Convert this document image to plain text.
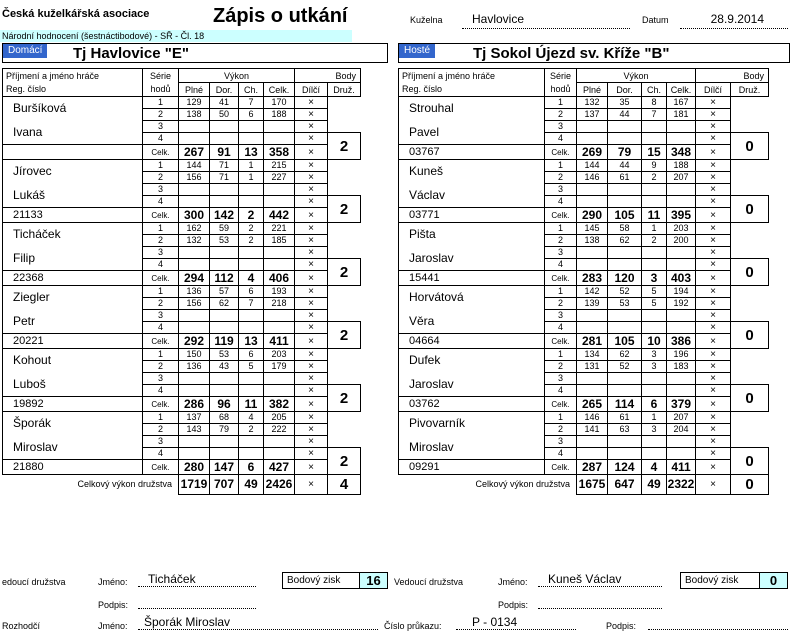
Česká kuželkářská asociace
Národní hodnocení (šestnáctibodové) - SŘ - Čl. 18
Zápis o utkání	Kuželna	Havlovice	Datum	28.9.2014
Domácí	Tj Havlovice "E"	Hosté	Tj Sokol Újezd sv. Kříže "B"
Příjmení a jméno hráče	Série	Výkon				Body	
Reg. číslo	hodů	Plné	Dor.	Ch.	Celk.	Dílčí	Druž.
Buršíková	1	129	41	7	170	×	
	2	138	50	6	188	×	
Ivana	3					×	
	4					×	2
	Celk.	267	91	13	358	×	
Jírovec	1	144	71	1	215	×	
	2	156	71	1	227	×	
Lukáš	3					×	
	4					×	2
21133	Celk.	300	142	2	442	×	
Ticháček	1	162	59	2	221	×	
	2	132	53	2	185	×	
Filip	3					×	
	4					×	2
22368	Celk.	294	112	4	406	×	
Ziegler	1	136	57	6	193	×	
	2	156	62	7	218	×	
Petr	3					×	
	4					×	2
20221	Celk.	292	119	13	411	×	
Kohout	1	150	53	6	203	×	
	2	136	43	5	179	×	
Luboš	3					×	
	4					×	2
19892	Celk.	286	96	11	382	×	
Šporák	1	137	68	4	205	×	
	2	143	79	2	222	×	
Miroslav	3					×	
	4					×	2
21880	Celk.	280	147	6	427	×	
Celkový výkon družstva		1719	707	49	2426	×	4
Příjmení a jméno hráče	Série	Výkon				Body	
Reg. číslo	hodů	Plné	Dor.	Ch.	Celk.	Dílčí	Druž.
Strouhal	1	132	35	8	167	×	
	2	137	44	7	181	×	
Pavel	3					×	
	4					×	0
03767	Celk.	269	79	15	348	×	
Kuneš	1	144	44	9	188	×	
	2	146	61	2	207	×	
Václav	3					×	
	4					×	0
03771	Celk.	290	105	11	395	×	
Pišta	1	145	58	1	203	×	
	2	138	62	2	200	×	
Jaroslav	3					×	
	4					×	0
15441	Celk.	283	120	3	403	×	
Horvátová	1	142	52	5	194	×	
	2	139	53	5	192	×	
Věra	3					×	
	4					×	0
04664	Celk.	281	105	10	386	×	
Dufek	1	134	62	3	196	×	
	2	131	52	3	183	×	
Jaroslav	3					×	
	4					×	0
03762	Celk.	265	114	6	379	×	
Pivovarník	1	146	61	1	207	×	
	2	141	63	3	204	×	
Miroslav	3					×	
	4					×	0
09291	Celk.	287	124	4	411	×	
Celkový výkon družstva		1675	647	49	2322	×	0
edoucí družstva	Jméno:	Ticháček
Podpis:
Bodový zisk	16	Vedoucí družstva	Jméno:	Kuneš Václav
Podpis:
Bodový zisk	0
Rozhodčí	Jméno:	Šporák Miroslav	Číslo průkazu:	P - 0134	Podpis:
